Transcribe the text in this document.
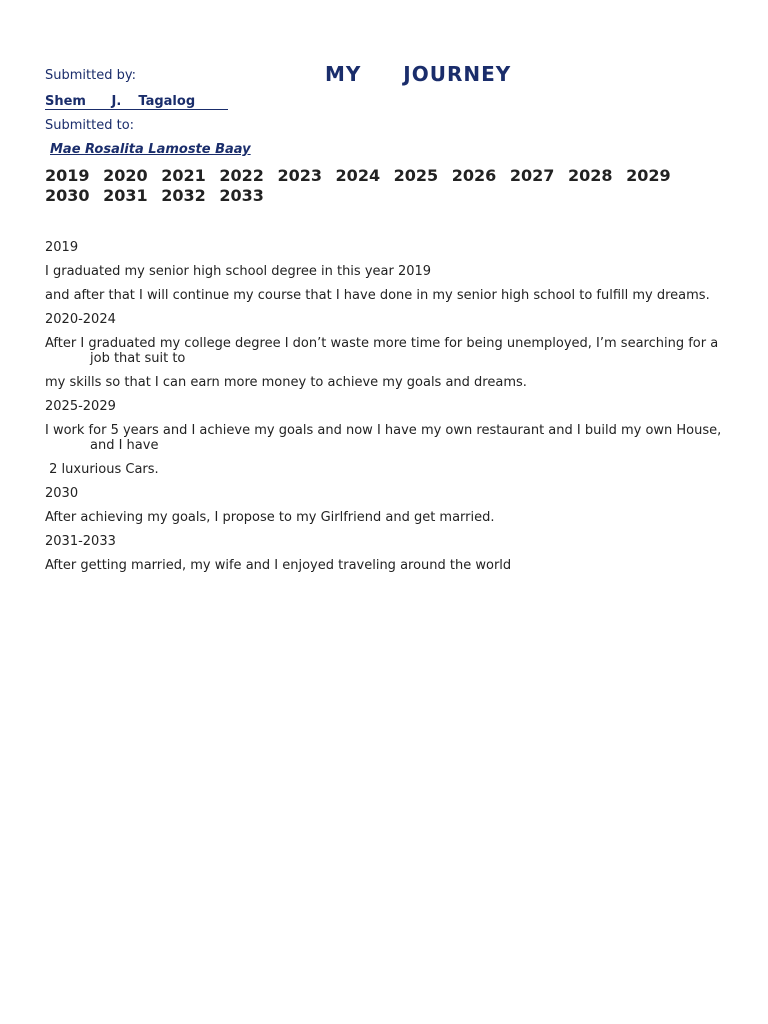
Submitted by:	MY   JOURNEY
Shem   J.  Tagalog
Submitted to:
Mae Rosalita Lamoste Baay
2019 2020 2021 2022 2023 2024 2025 2026 2027 2028 2029 2030 2031 2032 2033
2019
I graduated my senior high school degree in this year 2019
and after that I will continue my course that I have done in my senior high school to fulfill my dreams.
2020-2024
After I graduated my college degree I don’t waste more time for being unemployed, I’m searching for a job that suit to
my skills so that I can earn more money to achieve my goals and dreams.
2025-2029
I work for 5 years and I achieve my goals and now I have my own restaurant and I build my own House, and I have
2 luxurious Cars.
2030
After achieving my goals, I propose to my Girlfriend and get married.
2031-2033
After getting married, my wife and I enjoyed traveling around the world
